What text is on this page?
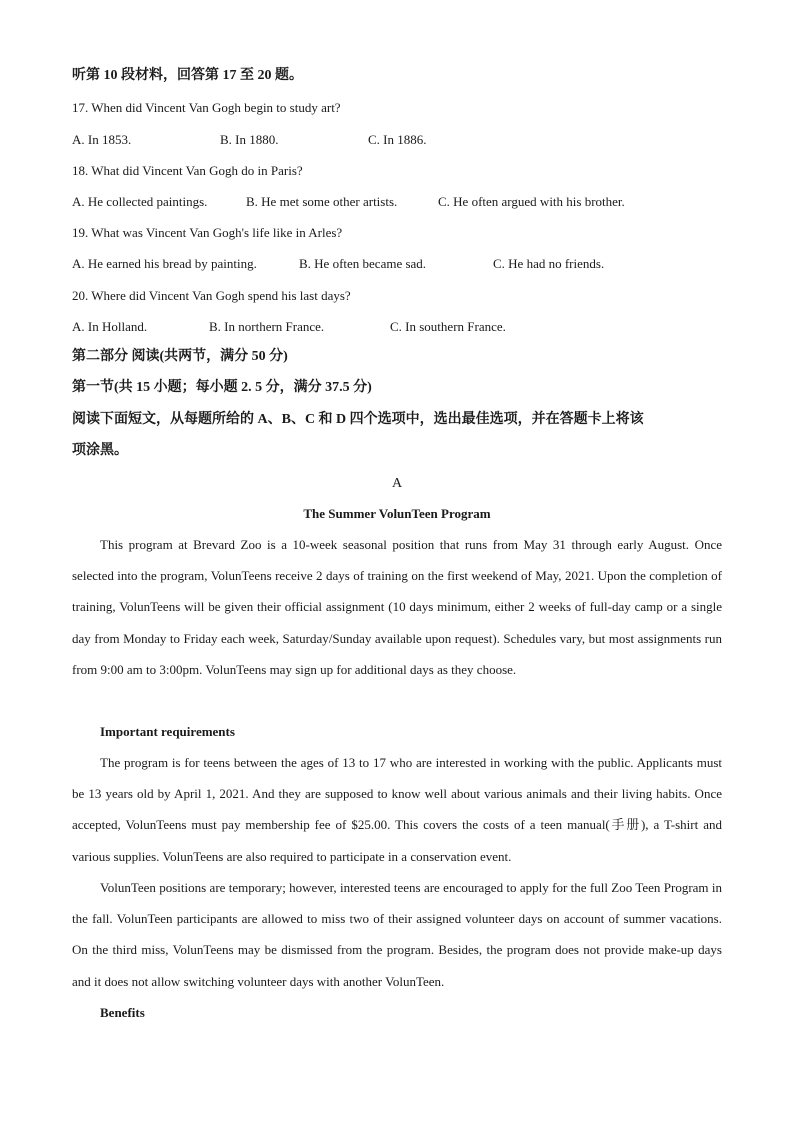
听第 10 段材料，回答第 17 至 20 题。
17. When did Vincent Van Gogh begin to study art?
A. In 1853.	B. In 1880.	C. In 1886.
18. What did Vincent Van Gogh do in Paris?
A. He collected paintings.	B. He met some other artists.	C. He often argued with his brother.
19. What was Vincent Van Gogh's life like in Arles?
A. He earned his bread by painting.	B. He often became sad.	C. He had no friends.
20. Where did Vincent Van Gogh spend his last days?
A. In Holland.	B. In northern France.	C. In southern France.
第二部分 阅读(共两节，满分 50 分)
第一节(共 15 小题；每小题 2. 5 分，满分 37.5 分)
阅读下面短文，从每题所给的 A、B、C 和 D 四个选项中，选出最佳选项，并在答题卡上将该
项涂黑。
A
The Summer VolunTeen Program

This program at Brevard Zoo is a 10-week seasonal position that runs from May 31 through early August. Once selected into the program, VolunTeens receive 2 days of training on the first weekend of May, 2021. Upon the completion of training, VolunTeens will be given their official assignment (10 days minimum, either 2 weeks of full-day camp or a single day from Monday to Friday each week, Saturday/Sunday available upon request). Schedules vary, but most assignments run from 9:00 am to 3:00pm. VolunTeens may sign up for additional days as they choose.

Important requirements

The program is for teens between the ages of 13 to 17 who are interested in working with the public. Applicants must be 13 years old by April 1, 2021. And they are supposed to know well about various animals and their living habits. Once accepted, VolunTeens must pay membership fee of $25.00. This covers the costs of a teen manual(手册), a T-shirt and various supplies. VolunTeens are also required to participate in a conservation event.

VolunTeen positions are temporary; however, interested teens are encouraged to apply for the full Zoo Teen Program in the fall. VolunTeen participants are allowed to miss two of their assigned volunteer days on account of summer vacations. On the third miss, VolunTeens may be dismissed from the program. Besides, the program does not provide make-up days and it does not allow switching volunteer days with another VolunTeen.

Benefits
